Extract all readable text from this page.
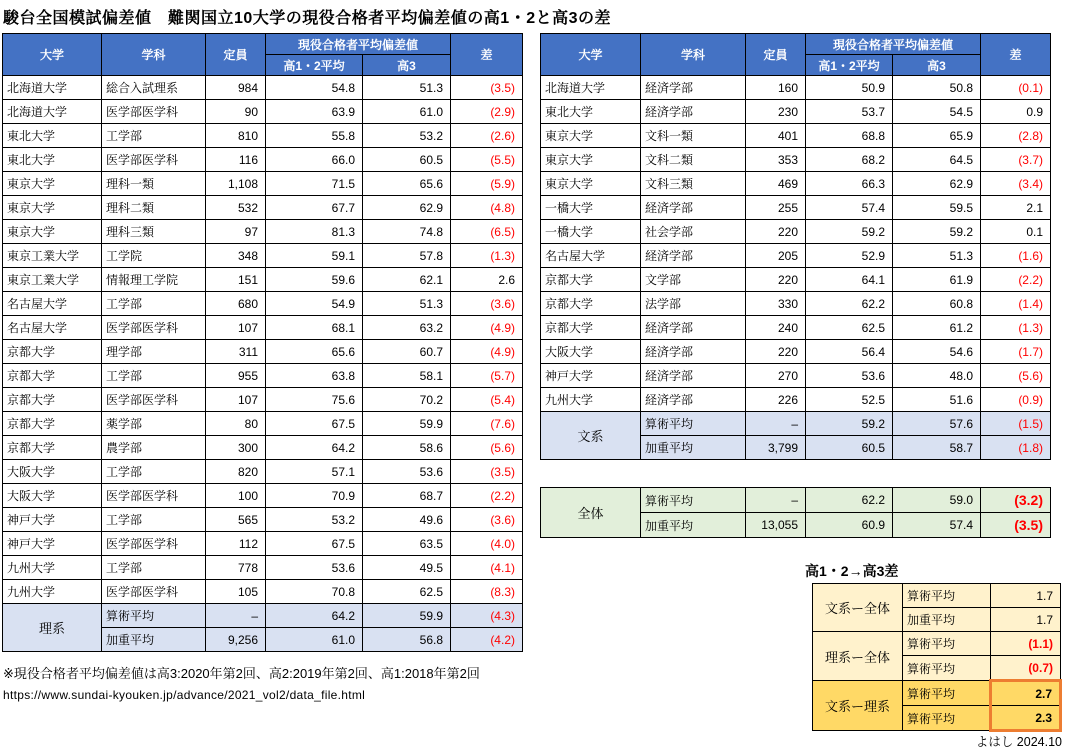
駿台全国模試偏差値　難関国立10大学の現役合格者平均偏差値の高1・2と高3の差
大学	学科	定員	現役合格者平均偏差値		差
			高1・2平均	高3	
北海道大学	総合入試理系	984	54.8	51.3	(3.5)
北海道大学	医学部医学科	90	63.9	61.0	(2.9)
東北大学	工学部	810	55.8	53.2	(2.6)
東北大学	医学部医学科	116	66.0	60.5	(5.5)
東京大学	理科一類	1,108	71.5	65.6	(5.9)
東京大学	理科二類	532	67.7	62.9	(4.8)
東京大学	理科三類	97	81.3	74.8	(6.5)
東京工業大学	工学院	348	59.1	57.8	(1.3)
東京工業大学	情報理工学院	151	59.6	62.1	2.6
名古屋大学	工学部	680	54.9	51.3	(3.6)
名古屋大学	医学部医学科	107	68.1	63.2	(4.9)
京都大学	理学部	311	65.6	60.7	(4.9)
京都大学	工学部	955	63.8	58.1	(5.7)
京都大学	医学部医学科	107	75.6	70.2	(5.4)
京都大学	薬学部	80	67.5	59.9	(7.6)
京都大学	農学部	300	64.2	58.6	(5.6)
大阪大学	工学部	820	57.1	53.6	(3.5)
大阪大学	医学部医学科	100	70.9	68.7	(2.2)
神戸大学	工学部	565	53.2	49.6	(3.6)
神戸大学	医学部医学科	112	67.5	63.5	(4.0)
九州大学	工学部	778	53.6	49.5	(4.1)
九州大学	医学部医学科	105	70.8	62.5	(8.3)
理系	算術平均	–	64.2	59.9	(4.3)
	加重平均	9,256	61.0	56.8	(4.2)
大学	学科	定員	現役合格者平均偏差値		差
			高1・2平均	高3	
北海道大学	経済学部	160	50.9	50.8	(0.1)
東北大学	経済学部	230	53.7	54.5	0.9
東京大学	文科一類	401	68.8	65.9	(2.8)
東京大学	文科二類	353	68.2	64.5	(3.7)
東京大学	文科三類	469	66.3	62.9	(3.4)
一橋大学	経済学部	255	57.4	59.5	2.1
一橋大学	社会学部	220	59.2	59.2	0.1
名古屋大学	経済学部	205	52.9	51.3	(1.6)
京都大学	文学部	220	64.1	61.9	(2.2)
京都大学	法学部	330	62.2	60.8	(1.4)
京都大学	経済学部	240	62.5	61.2	(1.3)
大阪大学	経済学部	220	56.4	54.6	(1.7)
神戸大学	経済学部	270	53.6	48.0	(5.6)
九州大学	経済学部	226	52.5	51.6	(0.9)
文系	算術平均	–	59.2	57.6	(1.5)
	加重平均	3,799	60.5	58.7	(1.8)
全体	算術平均	–	62.2	59.0	(3.2)
	加重平均	13,055	60.9	57.4	(3.5)
高1・2→高3差
文系ー全体	算術平均	1.7
	加重平均	1.7
理系ー全体	算術平均	(1.1)
	算術平均	(0.7)
文系ー理系	算術平均	2.7
	算術平均	2.3
※現役合格者平均偏差値は高3:2020年第2回、高2:2019年第2回、高1:2018年第2回
https://www.sundai-kyouken.jp/advance/2021_vol2/data_file.html
よはし 2024.10
